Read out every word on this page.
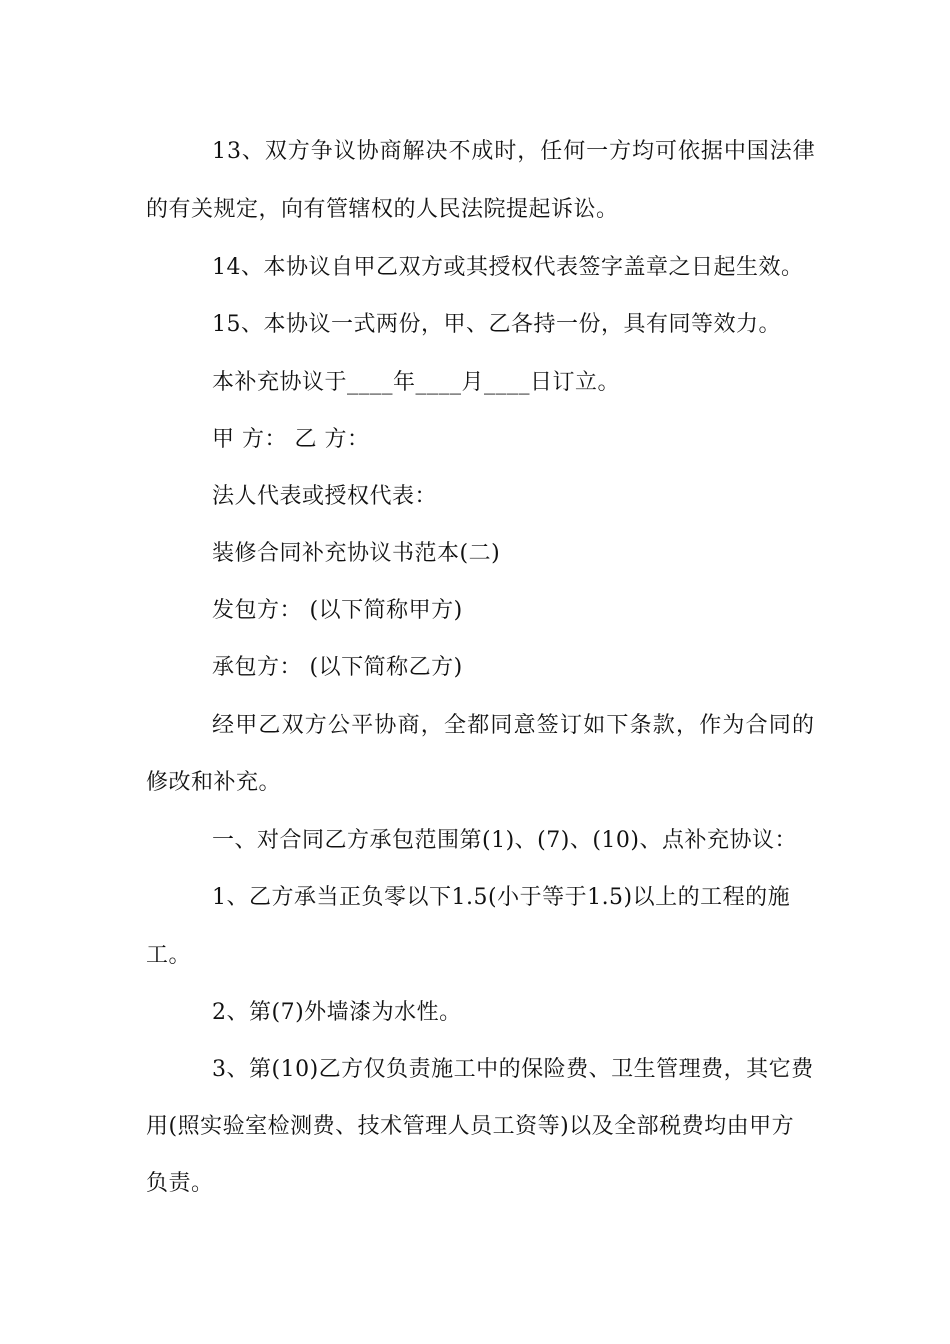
13、双方争议协商解决不成时，任何一方均可依据中国法律
的有关规定，向有管辖权的人民法院提起诉讼。
14、本协议自甲乙双方或其授权代表签字盖章之日起生效。
15、本协议一式两份，甲、乙各持一份，具有同等效力。
本补充协议于____年____月____日订立。
甲 方： 乙 方：
法人代表或授权代表：
装修合同补充协议书范本(二)
发包方： (以下简称甲方)
承包方： (以下简称乙方)
经甲乙双方公平协商，全都同意签订如下条款，作为合同的
修改和补充。
一、对合同乙方承包范围第(1)、(7)、(10)、点补充协议：
1、乙方承当正负零以下1.5(小于等于1.5)以上的工程的施
工。
2、第(7)外墙漆为水性。
3、第(10)乙方仅负责施工中的保险费、卫生管理费，其它费
用(照实验室检测费、技术管理人员工资等)以及全部税费均由甲方
负责。
